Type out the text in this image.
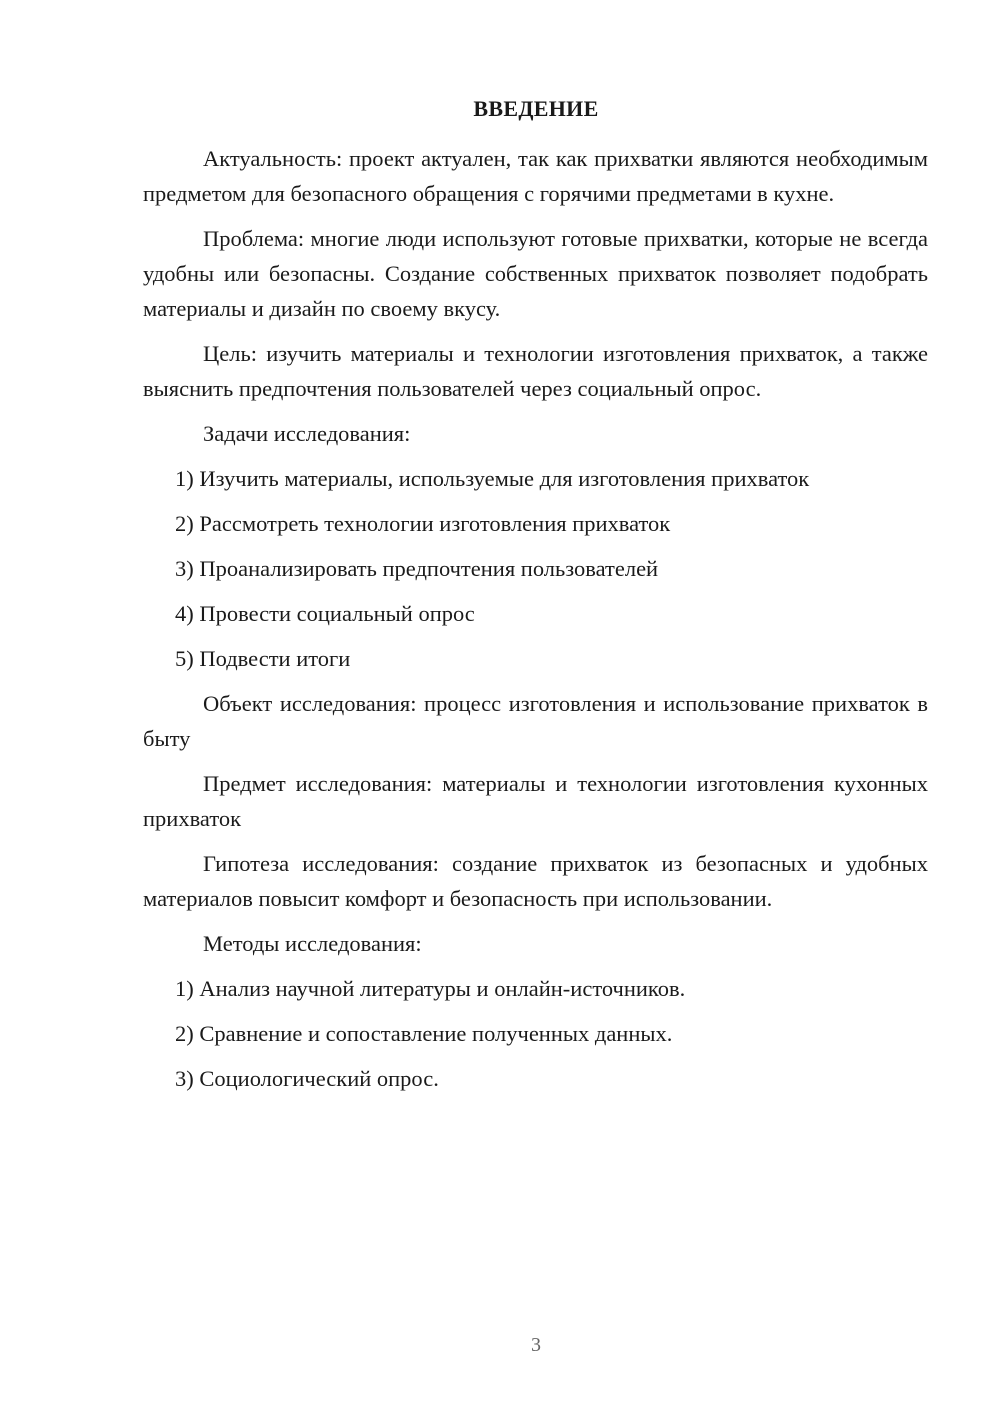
ВВЕДЕНИЕ

Актуальность: проект актуален, так как прихватки являются необходимым предметом для безопасного обращения с горячими предметами в кухне.

Проблема: многие люди используют готовые прихватки, которые не всегда удобны или безопасны. Создание собственных прихваток позволяет подобрать материалы и дизайн по своему вкусу.

Цель: изучить материалы и технологии изготовления прихваток, а также выяснить предпочтения пользователей через социальный опрос.

Задачи исследования:

1) Изучить материалы, используемые для изготовления прихваток
2) Рассмотреть технологии изготовления прихваток
3) Проанализировать предпочтения пользователей
4) Провести социальный опрос
5) Подвести итоги

Объект исследования: процесс изготовления и использование прихваток в быту

Предмет исследования: материалы и технологии изготовления кухонных прихваток

Гипотеза исследования: создание прихваток из безопасных и удобных материалов повысит комфорт и безопасность при использовании.

Методы исследования:

1) Анализ научной литературы и онлайн-источников.
2) Сравнение и сопоставление полученных данных.
3) Социологический опрос.
3
